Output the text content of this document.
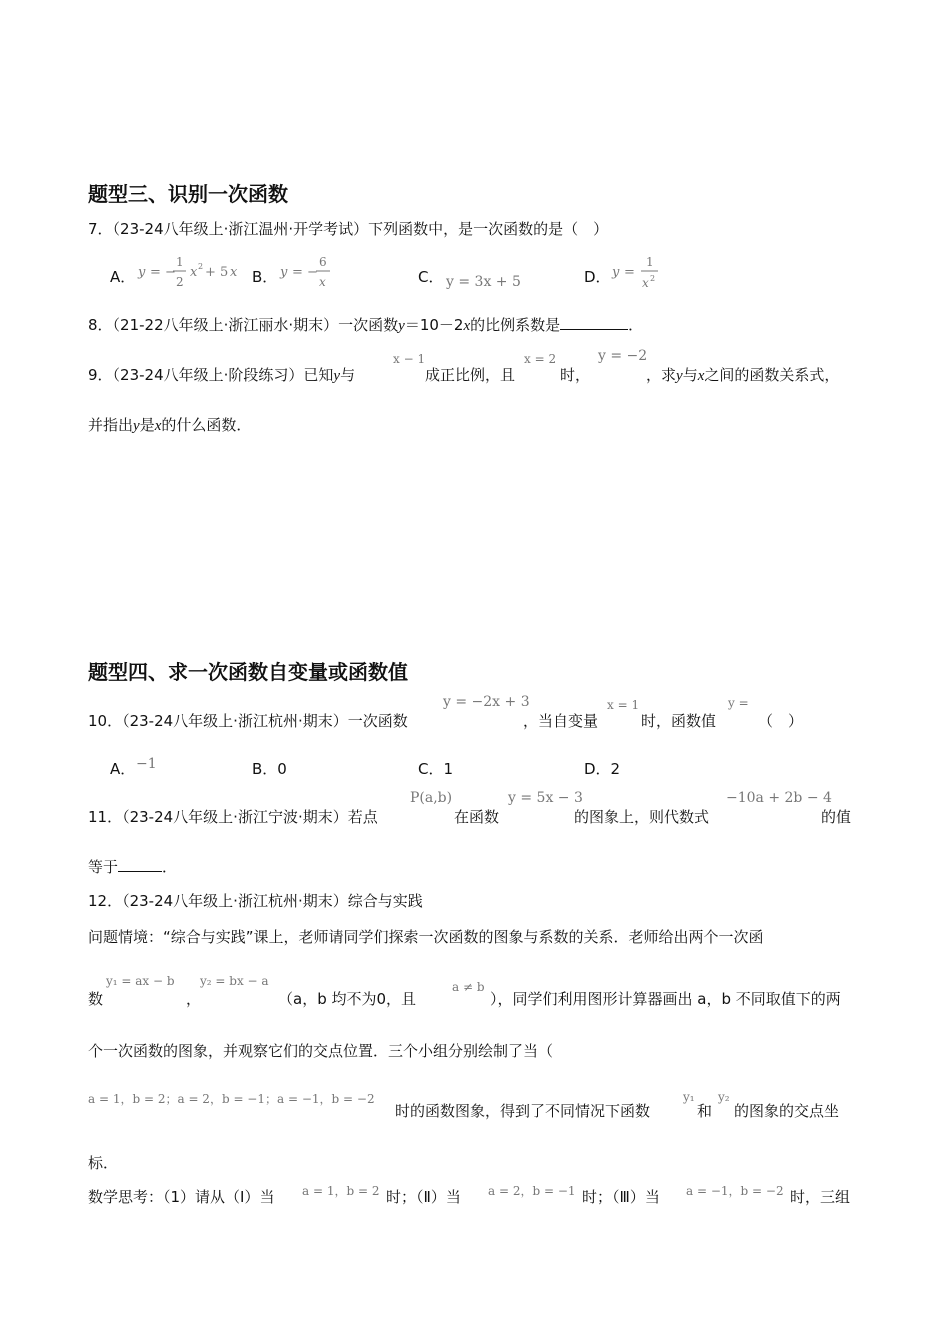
题型三、识别一次函数
7．（23-24八年级上·浙江温州·开学考试）下列函数中，是一次函数的是（　）
A． y = −
1
2
x 2 + 5 x B． y = −
6
x	C． y = 3x + 5	D． y =
1
x 2
8．（21-22八年级上·浙江丽水·期末）一次函数y＝10－2x的比例系数是	．
9．（23-24八年级上·阶段练习）已知y与
x − 1
成正比例，且
x = 2
时，
y = −2
，求y与x之间的函数关系式，
并指出y是x的什么函数．
题型四、求一次函数自变量或函数值
10．（23-24八年级上·浙江杭州·期末）一次函数
y = −2x + 3
，当自变量
x = 1
时，函数值
y =
（　）
A． −1	B．0	C．1	D．2
11．（23-24八年级上·浙江宁波·期末）若点
P(a,b)
在函数
y = 5x − 3
的图象上，则代数式
−10a + 2b − 4
的值
等于	．
12．（23-24八年级上·浙江杭州·期末）综合与实践
问题情境：“综合与实践”课上，老师请同学们探索一次函数的图象与系数的关系．老师给出两个一次函
数
y₁ = ax − b
，
y₂ = bx − a
（a，b 均不为0，且
a ≠ b
），同学们利用图形计算器画出 a，b 不同取值下的两
个一次函数的图象，并观察它们的交点位置．三个小组分别绘制了当（
a = 1，b = 2；a = 2，b = −1；a = −1，b = −2
时的函数图象，得到了不同情况下函数
y₁
和
y₂
的图象的交点坐
标．
数学思考：（1）请从（I）当 a = 1，b = 2 时；（Ⅱ）当 a = 2，b = −1 时；（Ⅲ）当 a = −1，b = −2 时，三组
